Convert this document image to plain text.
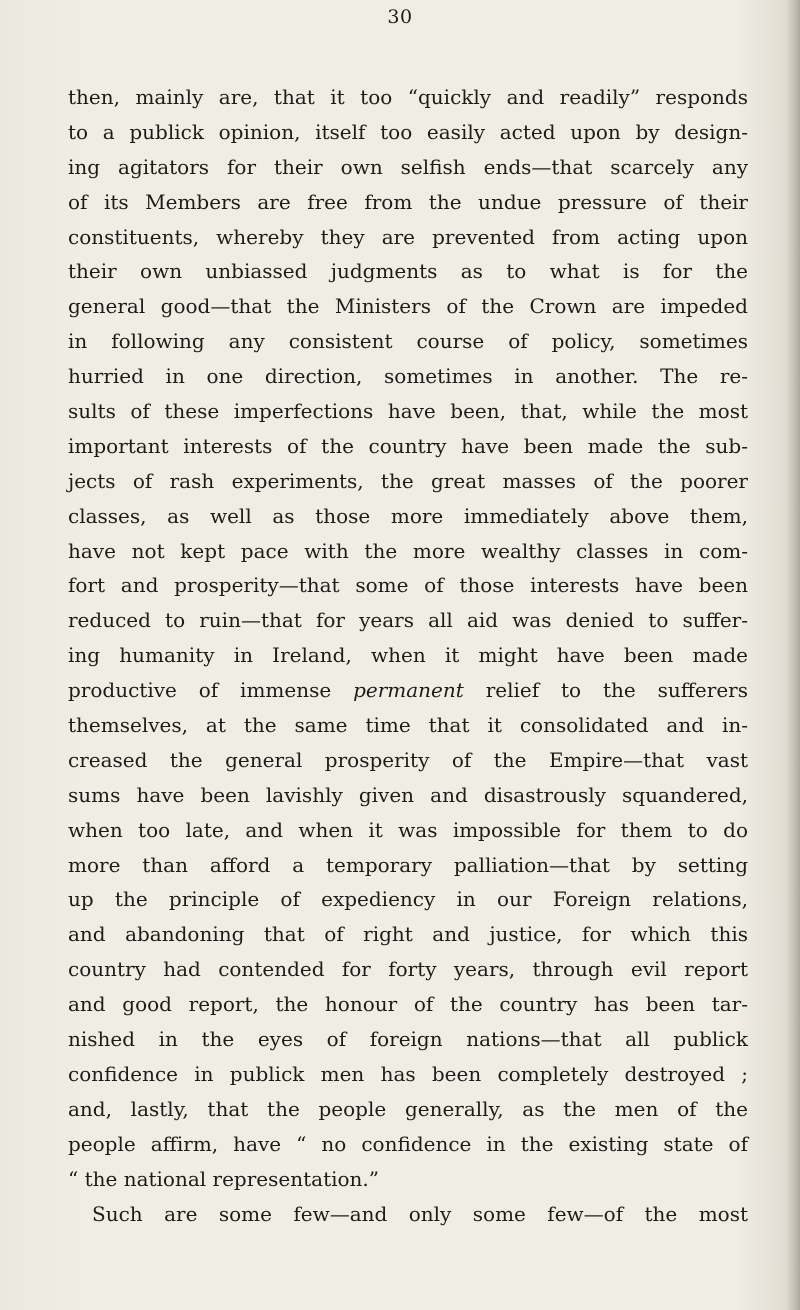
30
then, mainly are, that it too “quickly and readily” responds
to a publick opinion, itself too easily acted upon by design-
ing agitators for their own selfish ends—that scarcely any
of its Members are free from the undue pressure of their
constituents, whereby they are prevented from acting upon
their own unbiassed judgments as to what is for the
general good—that the Ministers of the Crown are impeded
in following any consistent course of policy, sometimes
hurried in one direction, sometimes in another. The re-
sults of these imperfections have been, that, while the most
important interests of the country have been made the sub-
jects of rash experiments, the great masses of the poorer
classes, as well as those more immediately above them,
have not kept pace with the more wealthy classes in com-
fort and prosperity—that some of those interests have been
reduced to ruin—that for years all aid was denied to suffer-
ing humanity in Ireland, when it might have been made
productive of immense permanent relief to the sufferers
themselves, at the same time that it consolidated and in-
creased the general prosperity of the Empire—that vast
sums have been lavishly given and disastrously squandered,
when too late, and when it was impossible for them to do
more than afford a temporary palliation—that by setting
up the principle of expediency in our Foreign relations,
and abandoning that of right and justice, for which this
country had contended for forty years, through evil report
and good report, the honour of the country has been tar-
nished in the eyes of foreign nations—that all publick
confidence in publick men has been completely destroyed ;
and, lastly, that the people generally, as the men of the
people affirm, have “ no confidence in the existing state of
“ the national representation.”
Such are some few—and only some few—of the most
